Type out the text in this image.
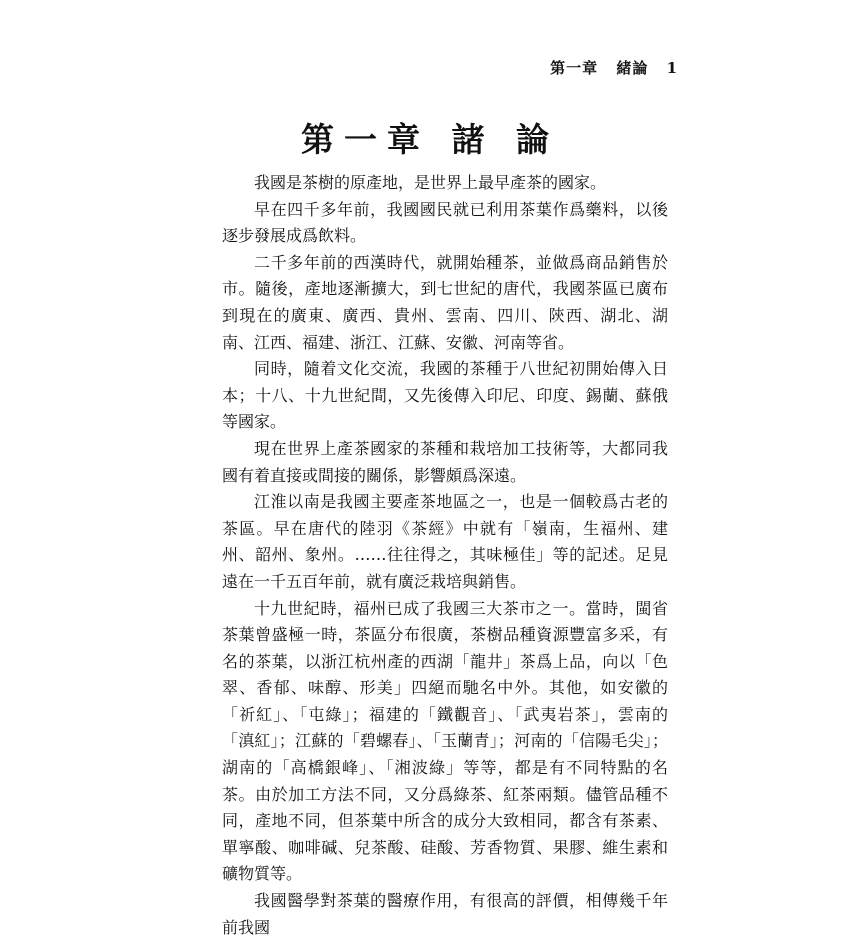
第一章 緒論 1
第一章 諸 論

我國是茶樹的原產地，是世界上最早產茶的國家。

早在四千多年前，我國國民就已利用茶葉作爲藥料，以後逐步發展成爲飲料。

二千多年前的西漢時代，就開始種茶，並做爲商品銷售於市。隨後，產地逐漸擴大，到七世紀的唐代，我國茶區已廣布到現在的廣東、廣西、貴州、雲南、四川、陝西、湖北、湖南、江西、福建、浙江、江蘇、安徽、河南等省。

同時，隨着文化交流，我國的茶種于八世紀初開始傳入日本；十八、十九世紀間，又先後傳入印尼、印度、錫蘭、蘇俄等國家。

現在世界上產茶國家的茶種和栽培加工技術等，大都同我國有着直接或間接的關係，影響頗爲深遠。

江淮以南是我國主要產茶地區之一，也是一個較爲古老的茶區。早在唐代的陸羽《茶經》中就有「嶺南，生福州、建州、韶州、象州。……往往得之，其味極佳」等的記述。足見遠在一千五百年前，就有廣泛栽培與銷售。

十九世紀時，福州已成了我國三大茶市之一。當時，閩省茶葉曾盛極一時，茶區分布很廣，茶樹品種資源豐富多采，有名的茶葉，以浙江杭州產的西湖「龍井」茶爲上品，向以「色翠、香郁、味醇、形美」四絕而馳名中外。其他，如安徽的「祈紅」、「屯綠」；福建的「鐵觀音」、「武夷岩茶」，雲南的「滇紅」；江蘇的「碧螺春」、「玉蘭青」；河南的「信陽毛尖」；湖南的「高橋銀峰」、「湘波綠」等等，都是有不同特點的名茶。由於加工方法不同，又分爲綠茶、紅茶兩類。儘管品種不同，產地不同，但茶葉中所含的成分大致相同，都含有茶素、單寧酸、咖啡碱、兒茶酸、硅酸、芳香物質、果膠、維生素和礦物質等。

我國醫學對茶葉的醫療作用，有很高的評價，相傳幾千年前我國
